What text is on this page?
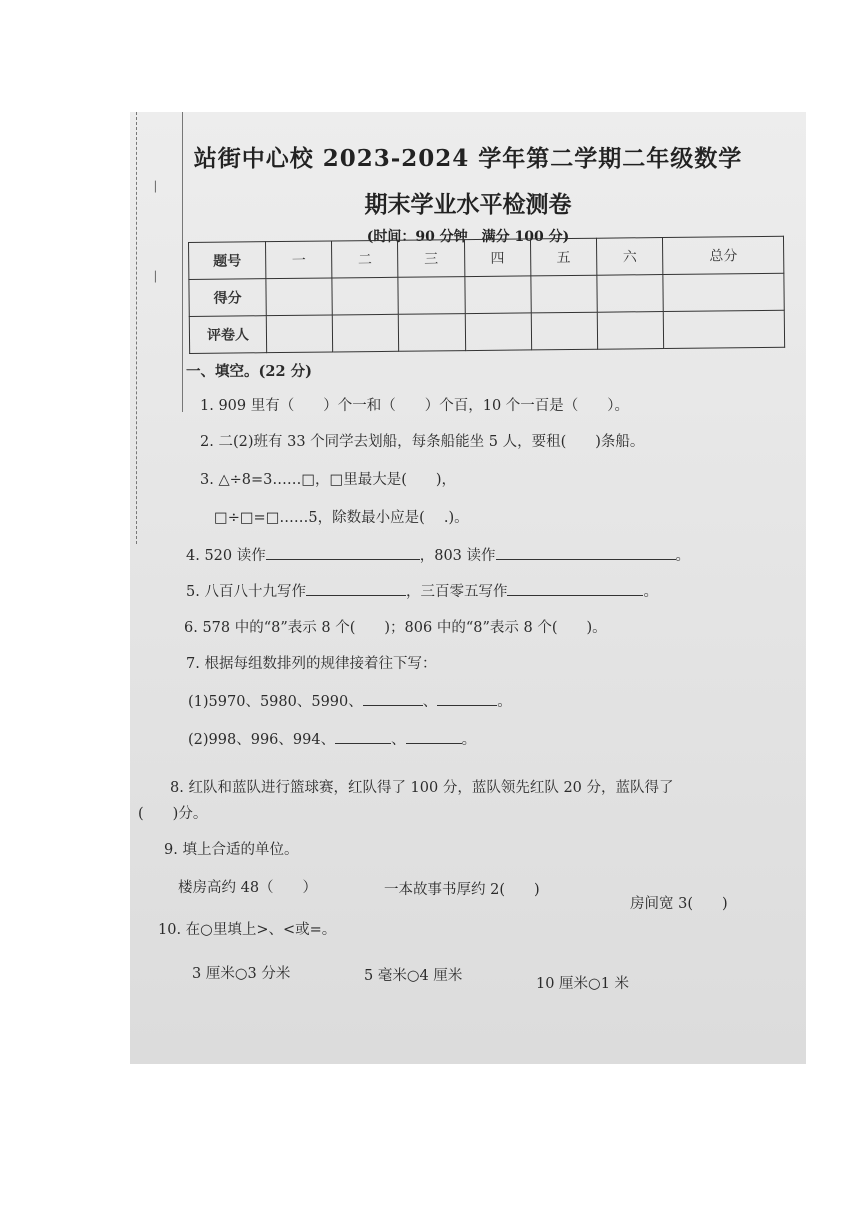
▕
▕
站街中心校 2023-2024 学年第二学期二年级数学
期末学业水平检测卷
(时间：90 分钟　满分 100 分)
题号	一	二	三	四	五	六	总分
得分							
评卷人							
一、填空。(22 分)
1. 909 里有（　　）个一和（　　）个百，10 个一百是（　　）。
2. 二(2)班有 33 个同学去划船，每条船能坐 5 人，要租(　　)条船。
3. △÷8=3……□，□里最大是(　　)，
□÷□=□……5，除数最小应是(　 .)。
4. 520 读作	，803 读作	。
5. 八百八十九写作	，三百零五写作	。
6. 578 中的“8”表示 8 个(　　)；806 中的“8”表示 8 个(　　)。
7. 根据每组数排列的规律接着往下写：
(1)5970、5980、5990、	、	。
(2)998、996、994、	、	。
8. 红队和蓝队进行篮球赛，红队得了 100 分，蓝队领先红队 20 分，蓝队得了
(　　)分。
9. 填上合适的单位。
楼房高约 48（　　）	一本故事书厚约 2(　　)
房间宽 3(　　)
10. 在○里填上>、<或=。
3 厘米○3 分米	5 毫米○4 厘米	10 厘米○1 米
